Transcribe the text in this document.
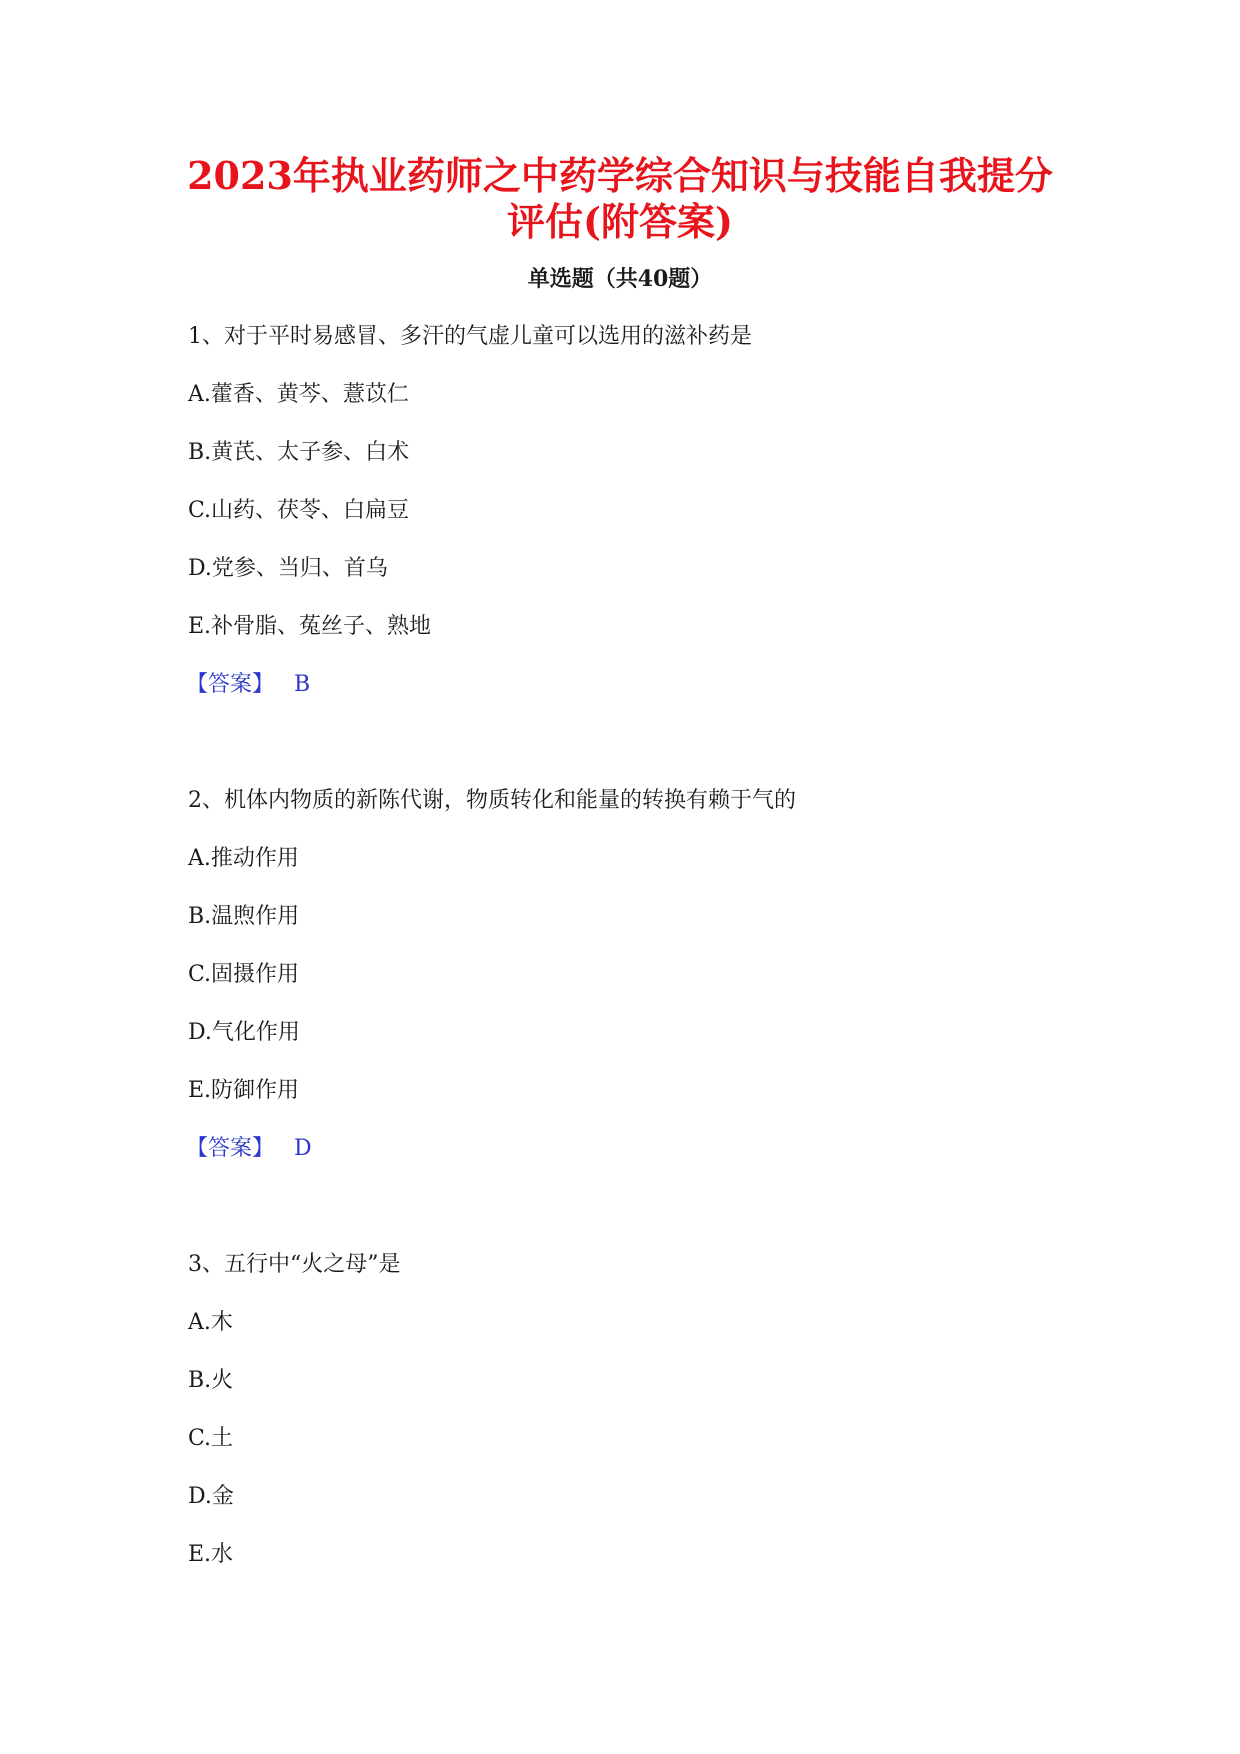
2023年执业药师之中药学综合知识与技能自我提分
评估(附答案)
单选题（共40题）
1、对于平时易感冒、多汗的气虚儿童可以选用的滋补药是
A.藿香、黄芩、薏苡仁
B.黄芪、太子参、白术
C.山药、茯苓、白扁豆
D.党参、当归、首乌
E.补骨脂、菟丝子、熟地
【答案】 B
2、机体内物质的新陈代谢，物质转化和能量的转换有赖于气的
A.推动作用
B.温煦作用
C.固摄作用
D.气化作用
E.防御作用
【答案】 D
3、五行中“火之母”是
A.木
B.火
C.土
D.金
E.水
